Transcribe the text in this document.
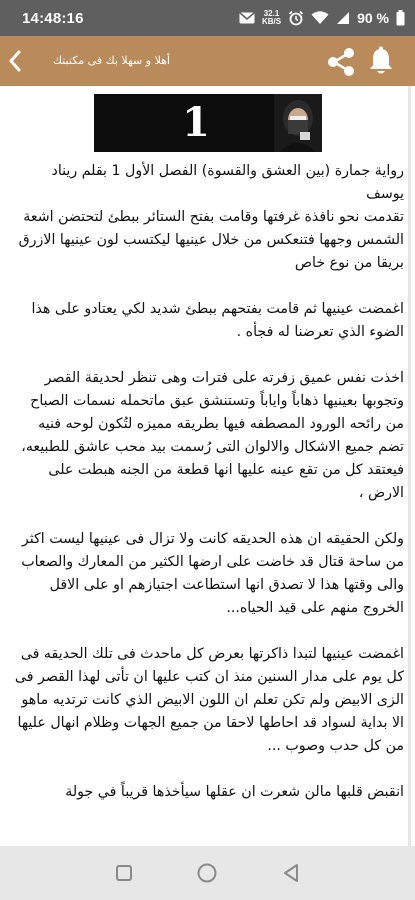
14:48:16	32.1
KB/S	90 %
أهلا و سهلا بك فى مكتبتك
1

رواية جمارة (بين العشق والقسوة) الفصل الأول 1 بقلم ريناد يوسف

تقدمت نحو نافذة غرفتها وقامت بفتح الستائر ببطئ لتحتضن اشعة الشمس وجهها فتنعكس من خلال عينيها ليكتسب لون عينيها الازرق بريقا من نوع خاص

اغمضت عينيها ثم قامت بفتحهم ببطئ شديد لكي يعتادو على هذا الضوء الذي تعرضنا له فجأه .

اخذت نفس عميق زفرته على فترات وهى تنظر لحديقة القصر وتجوبها بعينيها ذهاباً واياباً وتستنشق عبق ماتحمله نسمات الصباح من رائحه الورود المصطفه فيها بطريقه مميزه لتُكون لوحه فنيه تضم جميع الاشكال والالوان التى رُسمت بيد محب عاشق للطبيعه، فيعتقد كل من تقع عينه عليها انها قطعة من الجنه هبطت على الارض ،

ولكن الحقيقه ان هذه الحديقه كانت ولا تزال فى عينيها ليست اكثر من ساحة قتال قد خاضت على ارضها الكثير من المعارك والصعاب والى وقتها هذا لا تصدق انها استطاعت اجتيازهم او على الاقل الخروج منهم على قيد الحياه...

اغمضت عينيها لتبدا ذاكرتها بعرض كل ماحدث فى تلك الحديقه فى كل يوم على مدار السنين منذ ان كتب عليها ان تأتى لهذا القصر فى الزى الابيض ولم تكن تعلم ان اللون الابيض الذي كانت ترتديه ماهو الا بداية لسواد قد احاطها لاحقا من جميع الجهات وظلام انهال عليها من كل حدب وصوب ...

انقبض قلبها مالن شعرت ان عقلها سيأخذها قريباً في جولة
